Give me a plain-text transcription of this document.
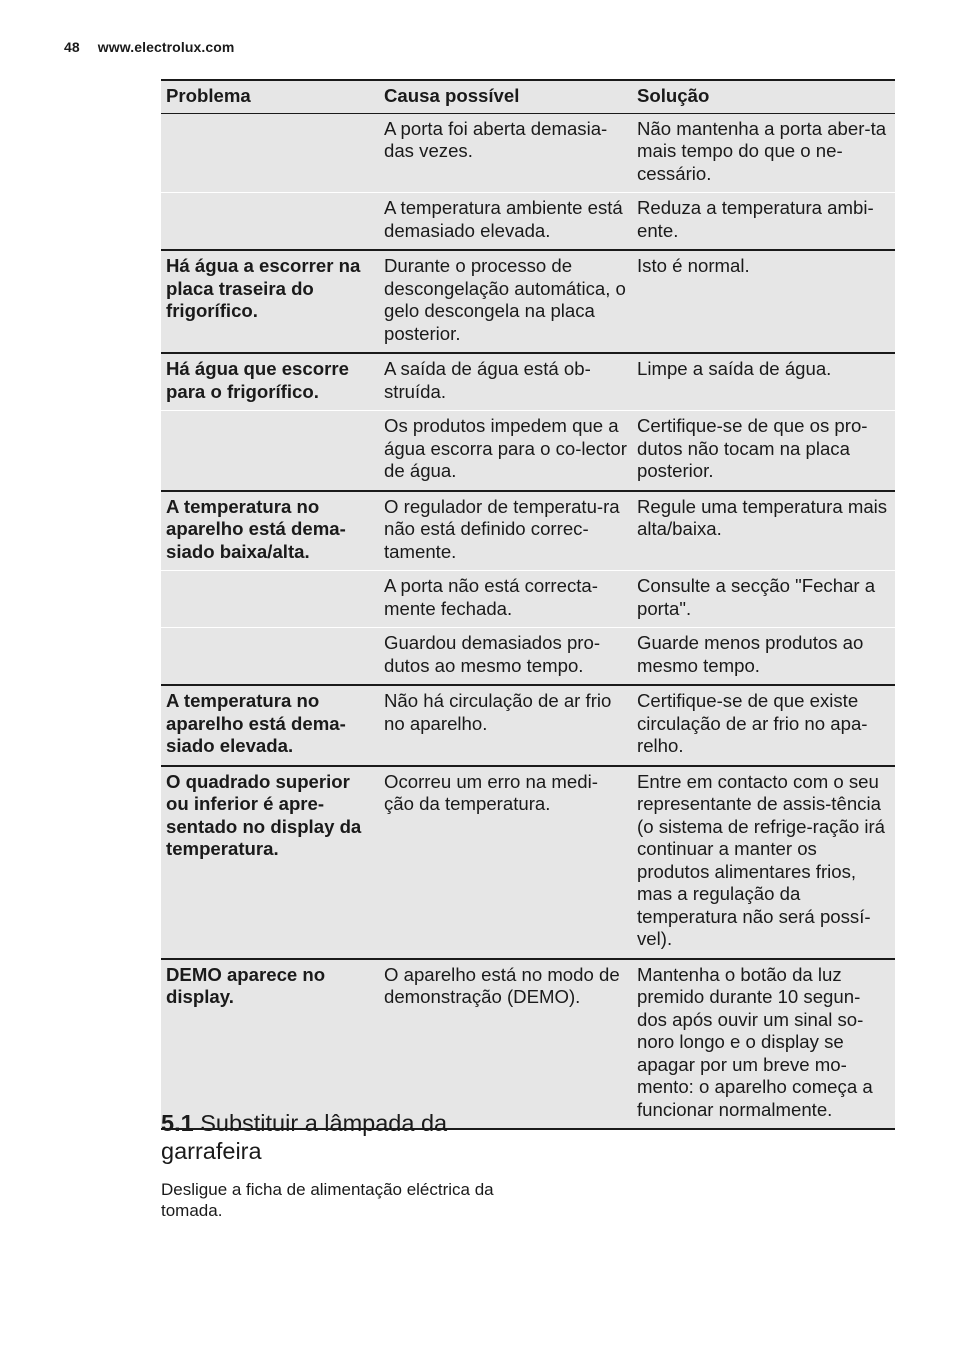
48 www.electrolux.com
Problema	Causa possível	Solução
	A porta foi aberta demasia-das vezes.	Não mantenha a porta aber-ta mais tempo do que o ne-cessário.
	A temperatura ambiente está demasiado elevada.	Reduza a temperatura ambi-ente.
Há água a escorrer na placa traseira do frigorífico.	Durante o processo de descongelação automática, o gelo descongela na placa posterior.	Isto é normal.
Há água que escorre para o frigorífico.	A saída de água está ob-struída.	Limpe a saída de água.
	Os produtos impedem que a água escorra para o co-lector de água.	Certifique-se de que os pro-dutos não tocam na placa posterior.
A temperatura no aparelho está dema-siado baixa/alta.	O regulador de temperatu-ra não está definido correc-tamente.	Regule uma temperatura mais alta/baixa.
	A porta não está correcta-mente fechada.	Consulte a secção "Fechar a porta".
	Guardou demasiados pro-dutos ao mesmo tempo.	Guarde menos produtos ao mesmo tempo.
A temperatura no aparelho está dema-siado elevada.	Não há circulação de ar frio no aparelho.	Certifique-se de que existe circulação de ar frio no apa-relho.
O quadrado superior ou inferior é apre-sentado no display da temperatura.	Ocorreu um erro na medi-ção da temperatura.	Entre em contacto com o seu representante de assis-tência (o sistema de refrige-ração irá continuar a manter os produtos alimentares frios, mas a regulação da temperatura não será possí-vel).
DEMO aparece no display.	O aparelho está no modo de demonstração (DEMO).	Mantenha o botão da luz premido durante 10 segun-dos após ouvir um sinal so-noro longo e o display se apagar por um breve mo-mento: o aparelho começa a funcionar normalmente.
5.1 Substituir a lâmpada da garrafeira

Desligue a ficha de alimentação eléctrica da tomada.
